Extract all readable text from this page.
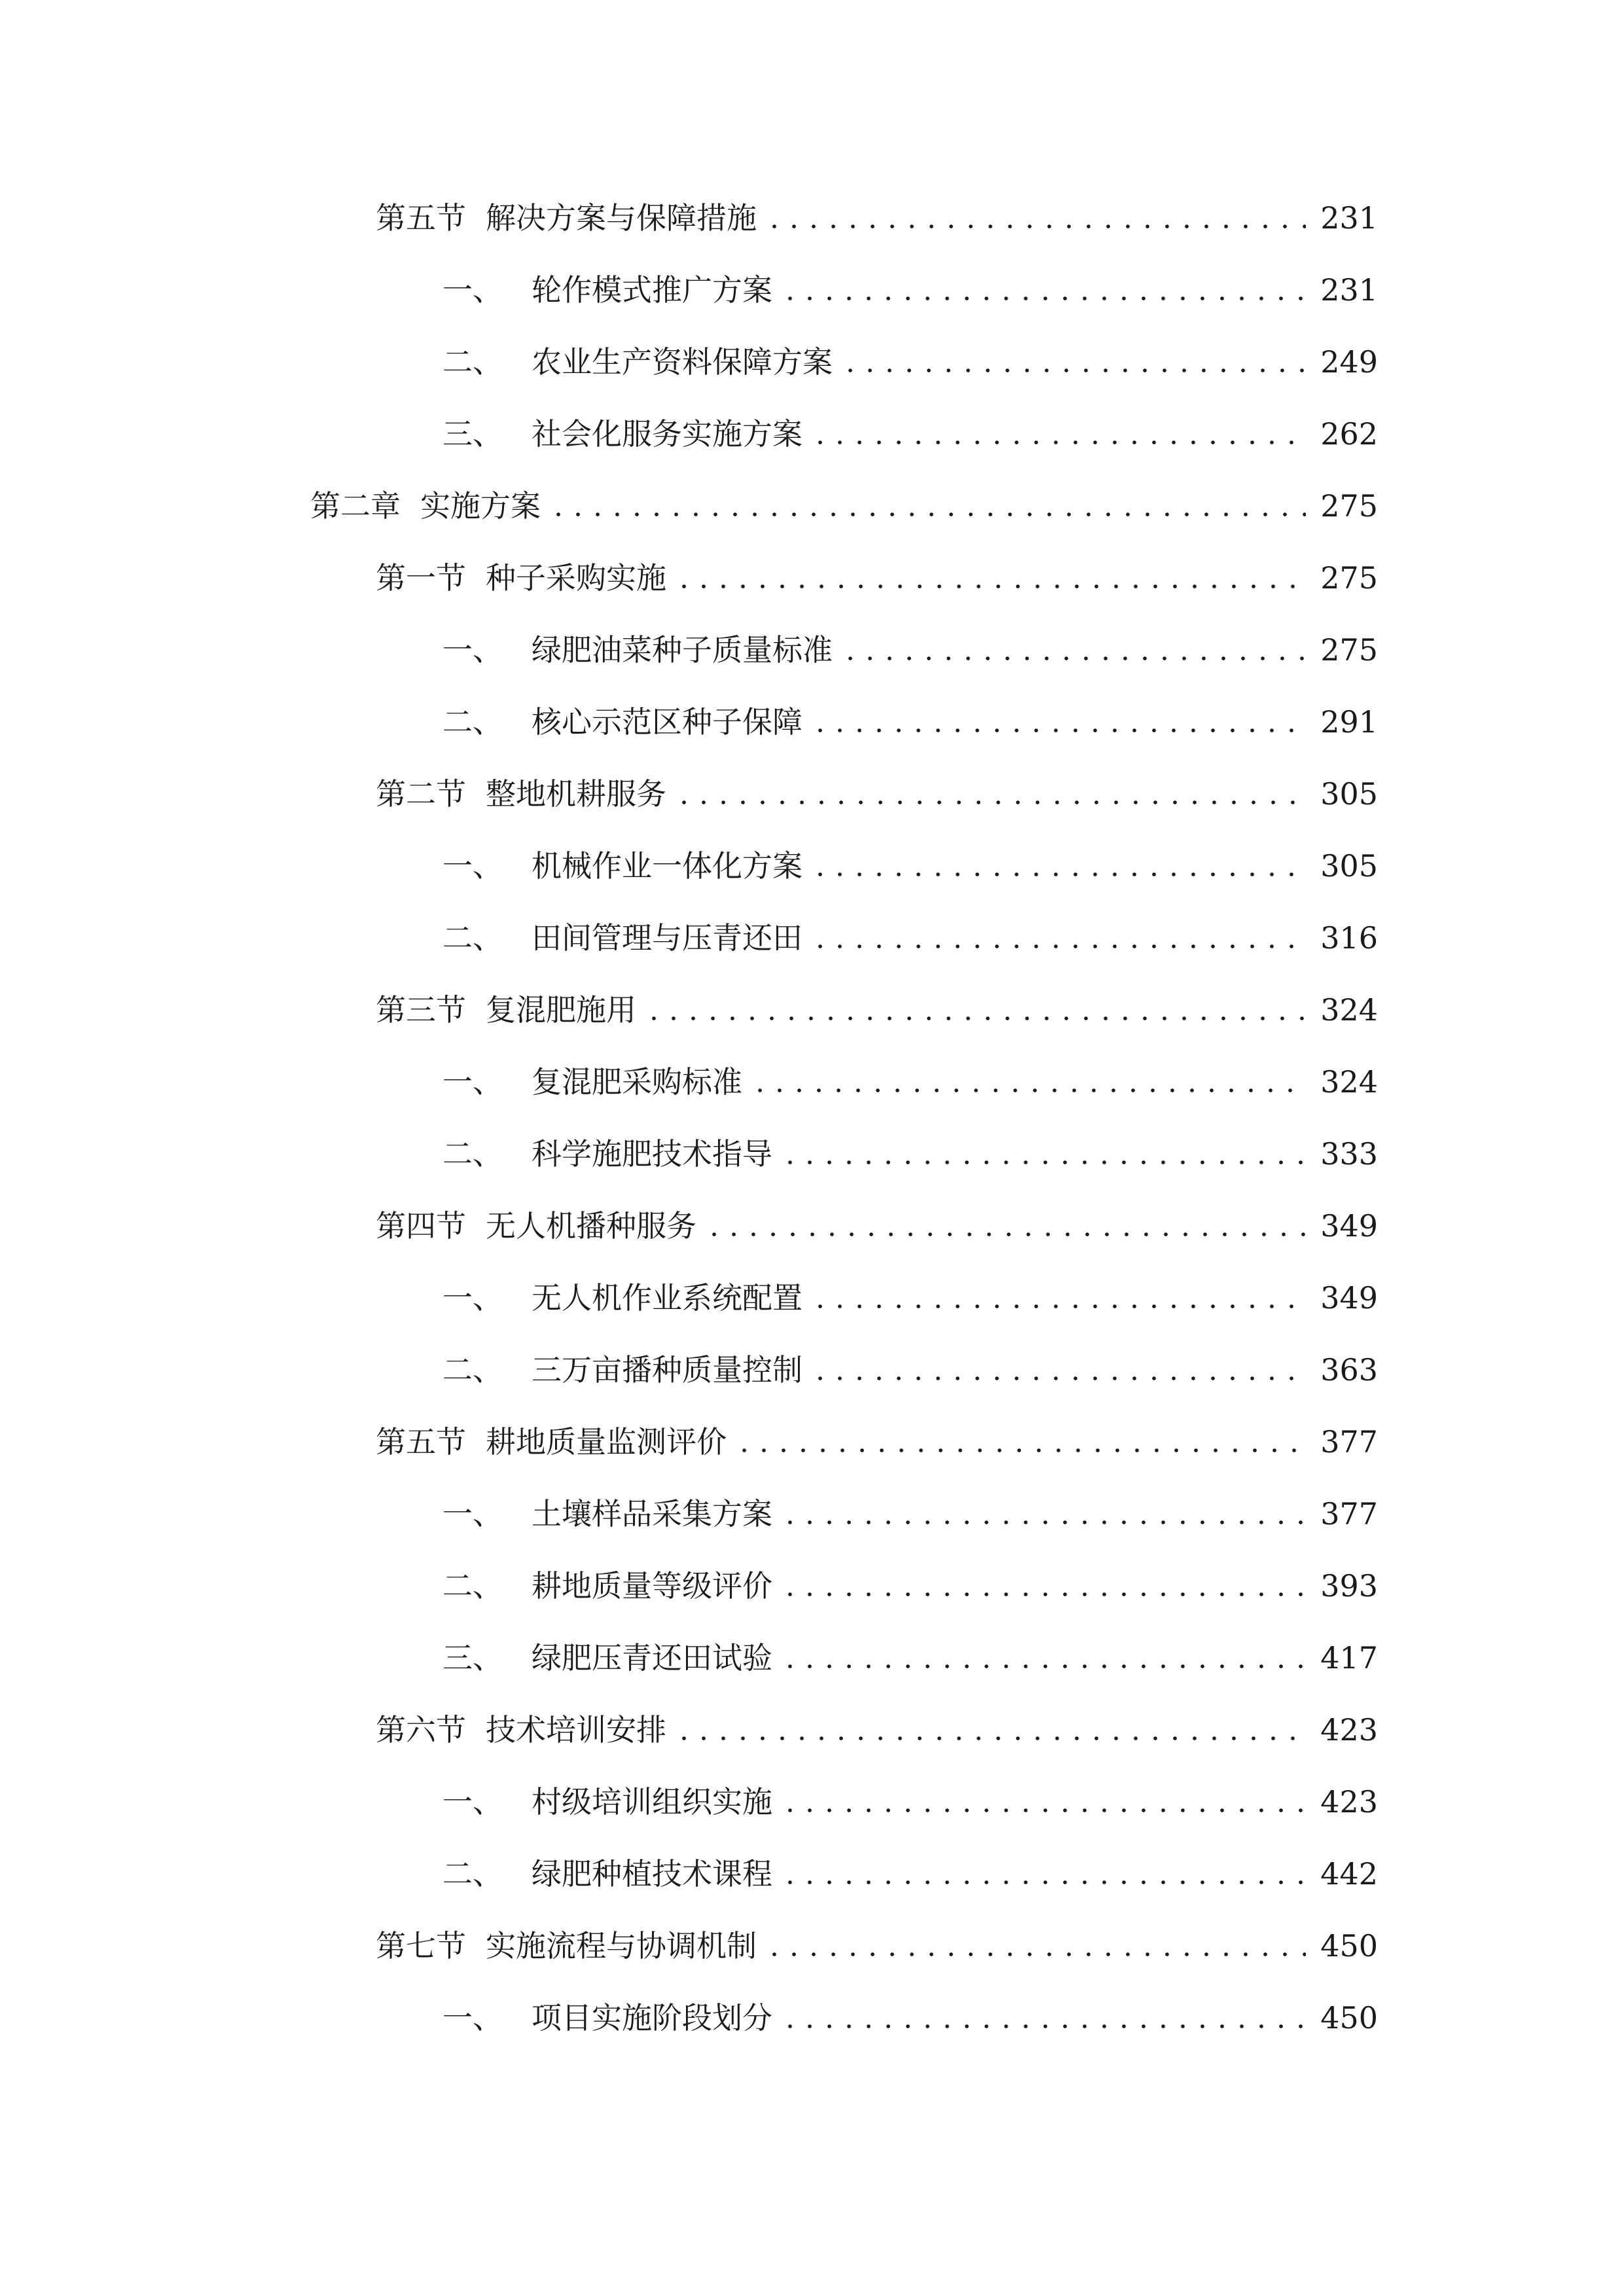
第五节 解决方案与保障措施	231
一、 轮作模式推广方案	231
二、 农业生产资料保障方案	249
三、 社会化服务实施方案	262
第二章 实施方案	275
第一节 种子采购实施	275
一、 绿肥油菜种子质量标准	275
二、 核心示范区种子保障	291
第二节 整地机耕服务	305
一、 机械作业一体化方案	305
二、 田间管理与压青还田	316
第三节 复混肥施用	324
一、 复混肥采购标准	324
二、 科学施肥技术指导	333
第四节 无人机播种服务	349
一、 无人机作业系统配置	349
二、 三万亩播种质量控制	363
第五节 耕地质量监测评价	377
一、 土壤样品采集方案	377
二、 耕地质量等级评价	393
三、 绿肥压青还田试验	417
第六节 技术培训安排	423
一、 村级培训组织实施	423
二、 绿肥种植技术课程	442
第七节 实施流程与协调机制	450
一、 项目实施阶段划分	450
